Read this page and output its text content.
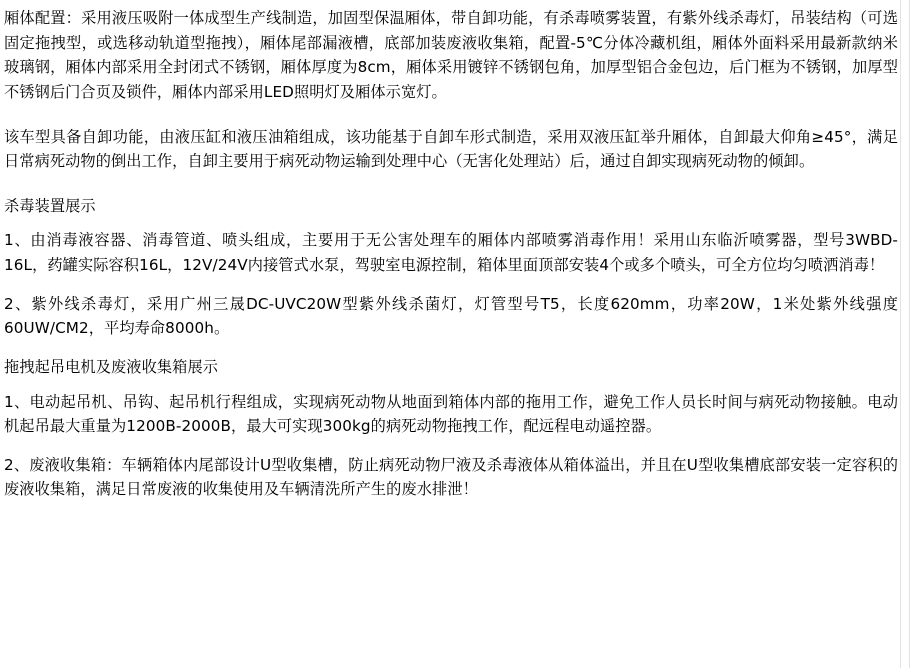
厢体配置：采用液压吸附一体成型生产线制造，加固型保温厢体，带自卸功能，有杀毒喷雾装置，有紫外线杀毒灯，吊装结构（可选固定拖拽型，或选移动轨道型拖拽），厢体尾部漏液槽，底部加装废液收集箱，配置-5℃分体冷藏机组，厢体外面料采用最新款纳米玻璃钢，厢体内部采用全封闭式不锈钢，厢体厚度为8cm，厢体采用镀锌不锈钢包角，加厚型铝合金包边，后门框为不锈钢，加厚型不锈钢后门合页及锁件，厢体内部采用LED照明灯及厢体示宽灯。

该车型具备自卸功能，由液压缸和液压油箱组成，该功能基于自卸车形式制造，采用双液压缸举升厢体，自卸最大仰角≥45°，满足日常病死动物的倒出工作，自卸主要用于病死动物运输到处理中心（无害化处理站）后，通过自卸实现病死动物的倾卸。

杀毒装置展示

1、由消毒液容器、消毒管道、喷头组成，主要用于无公害处理车的厢体内部喷雾消毒作用！采用山东临沂喷雾器，型号3WBD-16L，药罐实际容积16L，12V/24V内接管式水泵，驾驶室电源控制，箱体里面顶部安装4个或多个喷头，可全方位均匀喷洒消毒！

2、紫外线杀毒灯，采用广州三晟DC-UVC20W型紫外线杀菌灯，灯管型号T5，长度620mm，功率20W，1米处紫外线强度60UW/CM2，平均寿命8000h。

拖拽起吊电机及废液收集箱展示

1、电动起吊机、吊钩、起吊机行程组成，实现病死动物从地面到箱体内部的拖用工作，避免工作人员长时间与病死动物接触。电动机起吊最大重量为1200B-2000B，最大可实现300kg的病死动物拖拽工作，配远程电动遥控器。

2、废液收集箱：车辆箱体内尾部设计U型收集槽，防止病死动物尸液及杀毒液体从箱体溢出，并且在U型收集槽底部安装一定容积的废液收集箱，满足日常废液的收集使用及车辆清洗所产生的废水排泄！
